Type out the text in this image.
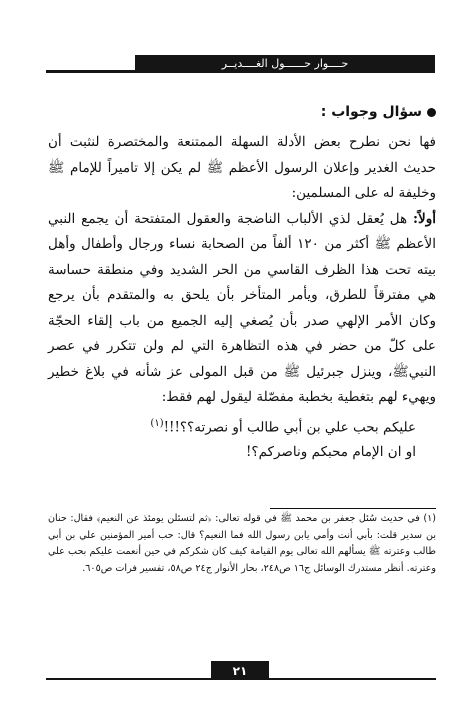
حــــوار حــــــول الغــــديــر
سؤال وجواب :

فها نحن نطرح بعض الأدلة السهلة الممتنعة والمختصرة لنثبت أن حديث الغدير وإعلان الرسول الأعظم ﷺ لم يكن إلا تاميراً للإمام ﷺ وخليفة له على المسلمين:

أولاً: هل يُعقل لذي الألباب الناضجة والعقول المتفتحة أن يجمع النبي الأعظم ﷺ أكثر من ١٢٠ ألفاً من الصحابة نساء ورجال وأطفال وأهل بيته تحت هذا الظرف القاسي من الحر الشديد وفي منطقة حساسة هي مفترقاً للطرق، ويأمر المتأخر بأن يلحق به والمتقدم بأن يرجع وكان الأمر الإلهي صدر بأن يُصغي إليه الجميع من باب إلقاء الحجّة على كلّ من حضر في هذه التظاهرة التي لم ولن تتكرر في عصر النبيﷺ، وينزل جبرئيل ﷺ من قبل المولى عز شأنه في بلاغ خطير ويهيء لهم بتغطية بخطبة مفصّلة ليقول لهم فقط:

عليكم بحب علي بن أبي طالب أو نصرته؟؟!!!$^{(١)}$

او ان الإمام محبكم وناصركم؟!

(١) في حديث سُئل جعفر بن محمد ﷺ في قوله تعالى: ﴿ثم لتسئلن يومئذ عن النعيم﴾ فقال: حنان بن سدير قلت: بأبي أنت وأمي يابن رسول الله فما النعيم؟ قال: حب أمير المؤمنين علي بن أبي طالب وعترته ﷺ يسألهم الله تعالى يوم القيامة كيف كان شكركم في حين أنعمت عليكم بحب علي وعترته. أنظر مستدرك الوسائل ج١٦ ص٢٤٨، بحار الأنوار ج٢٤ ص٥٨، تفسير فرات ص٦٠٥.
٢١
